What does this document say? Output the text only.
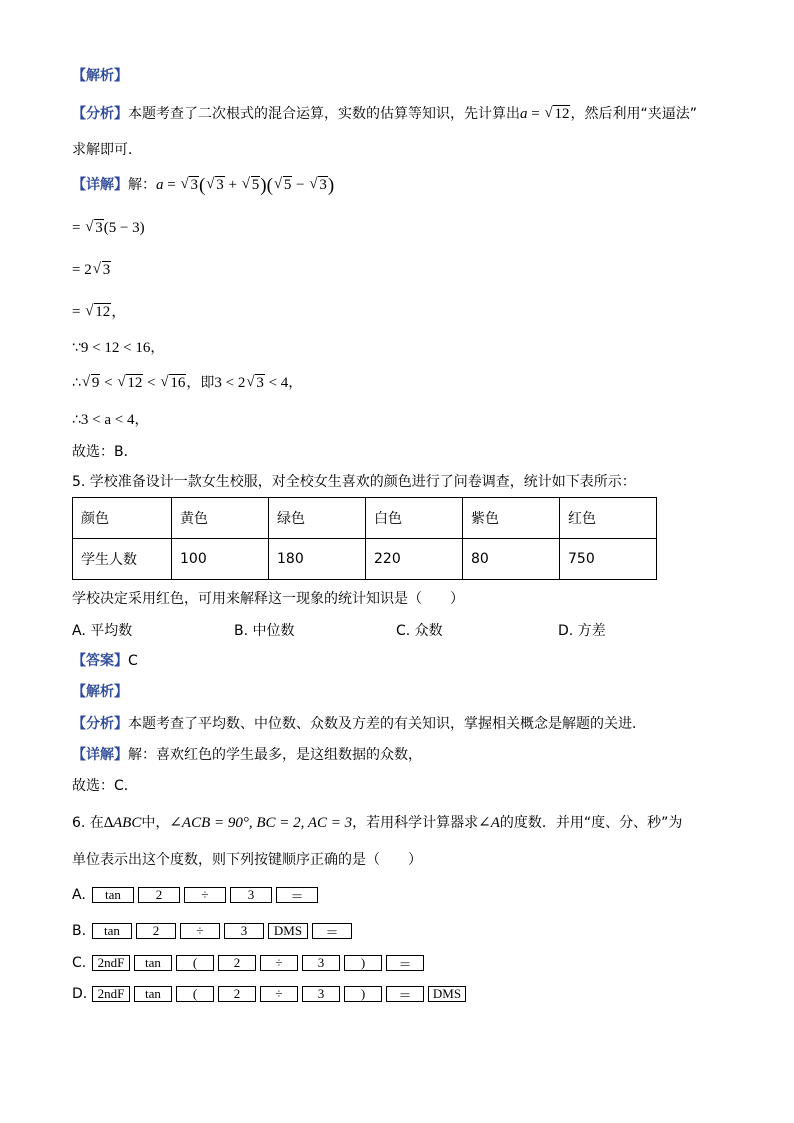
【解析】
【分析】本题考查了二次根式的混合运算，实数的估算等知识，先计算出a = √ 12，然后利用“夹逼法”
求解即可．
【详解】解：a = √ 3( √ 3 + √ 5)( √ 5 − √ 3)
= √ 3(5 − 3)
= 2 √ 3
= √ 12，
∵9 < 12 < 16，
∴ √ 9 < √ 12 < √ 16，即3 < 2 √ 3 < 4，
∴3 < a < 4，
故选：B．
5. 学校准备设计一款女生校服，对全校女生喜欢的颜色进行了问卷调查，统计如下表所示：
颜色	黄色	绿色	白色	紫色	红色
学生人数	100	180	220	80	750
学校决定采用红色，可用来解释这一现象的统计知识是（　　）
A. 平均数	B. 中位数	C. 众数	D. 方差
【答案】C
【解析】
【分析】本题考查了平均数、中位数、众数及方差的有关知识，掌握相关概念是解题的关进．
【详解】解：喜欢红色的学生最多，是这组数据的众数，
故选：C．
6. 在∆ABC中，∠ACB = 90°, BC = 2, AC = 3，若用科学计算器求∠A的度数．并用“度、分、秒”为
单位表示出这个度数，则下列按键顺序正确的是（　　）
A.	tan	2	÷	3	＝
B.	tan	2	÷	3	DMS	＝
C. 2ndF	tan	(	2	÷	3	)	＝
D. 2ndF	tan	(	2	÷	3	)	＝	DMS
